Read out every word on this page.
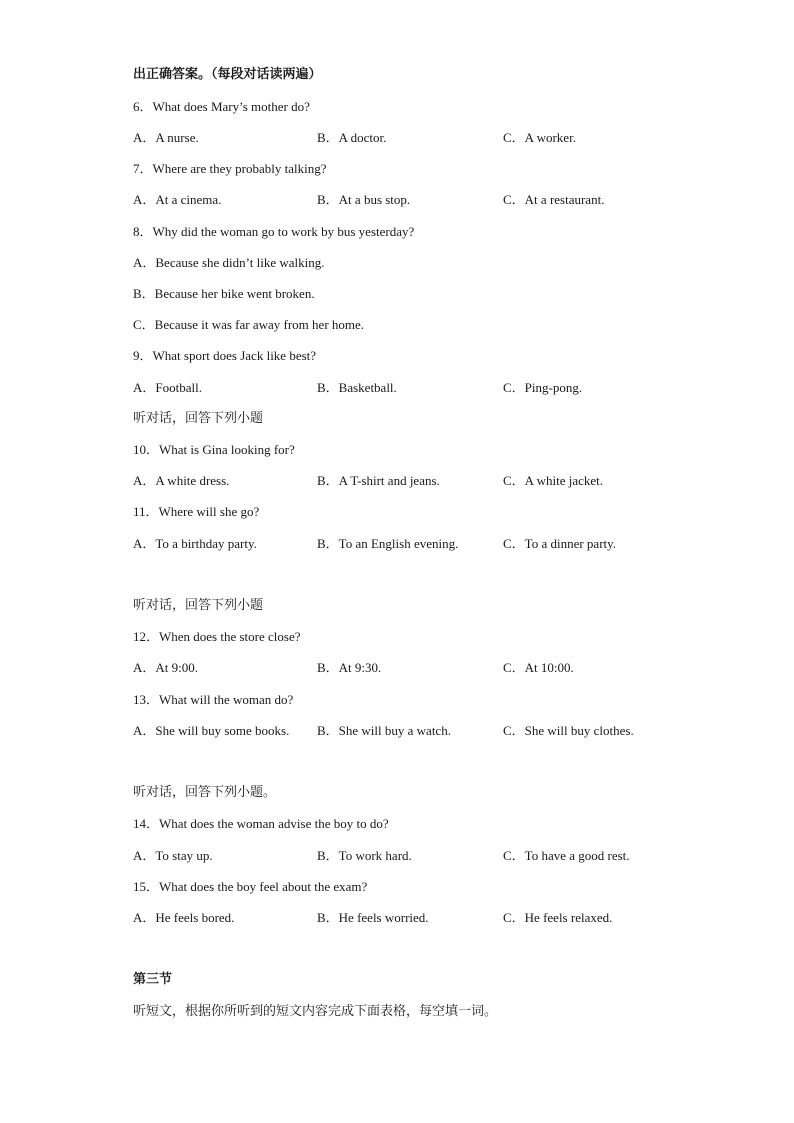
出正确答案。（每段对话读两遍）
6．What does Mary’s mother do?
A．A nurse.	B．A doctor.	C．A worker.
7．Where are they probably talking?
A．At a cinema.	B．At a bus stop.	C．At a restaurant.
8．Why did the woman go to work by bus yesterday?
A．Because she didn’t like walking.
B．Because her bike went broken.
C．Because it was far away from her home.
9．What sport does Jack like best?
A．Football.	B．Basketball.	C．Ping-pong.
听对话，回答下列小题
10．What is Gina looking for?
A．A white dress.	B．A T-shirt and jeans.	C．A white jacket.
11．Where will she go?
A．To a birthday party.	B．To an English evening.	C．To a dinner party.
听对话，回答下列小题
12．When does the store close?
A．At 9:00.	B．At 9:30.	C．At 10:00.
13．What will the woman do?
A．She will buy some books. B．She will buy a watch.	C．She will buy clothes.
听对话，回答下列小题。
14．What does the woman advise the boy to do?
A．To stay up.	B．To work hard.	C．To have a good rest.
15．What does the boy feel about the exam?
A．He feels bored.	B．He feels worried.	C．He feels relaxed.
第三节
听短文，根据你所听到的短文内容完成下面表格，每空填一词。
